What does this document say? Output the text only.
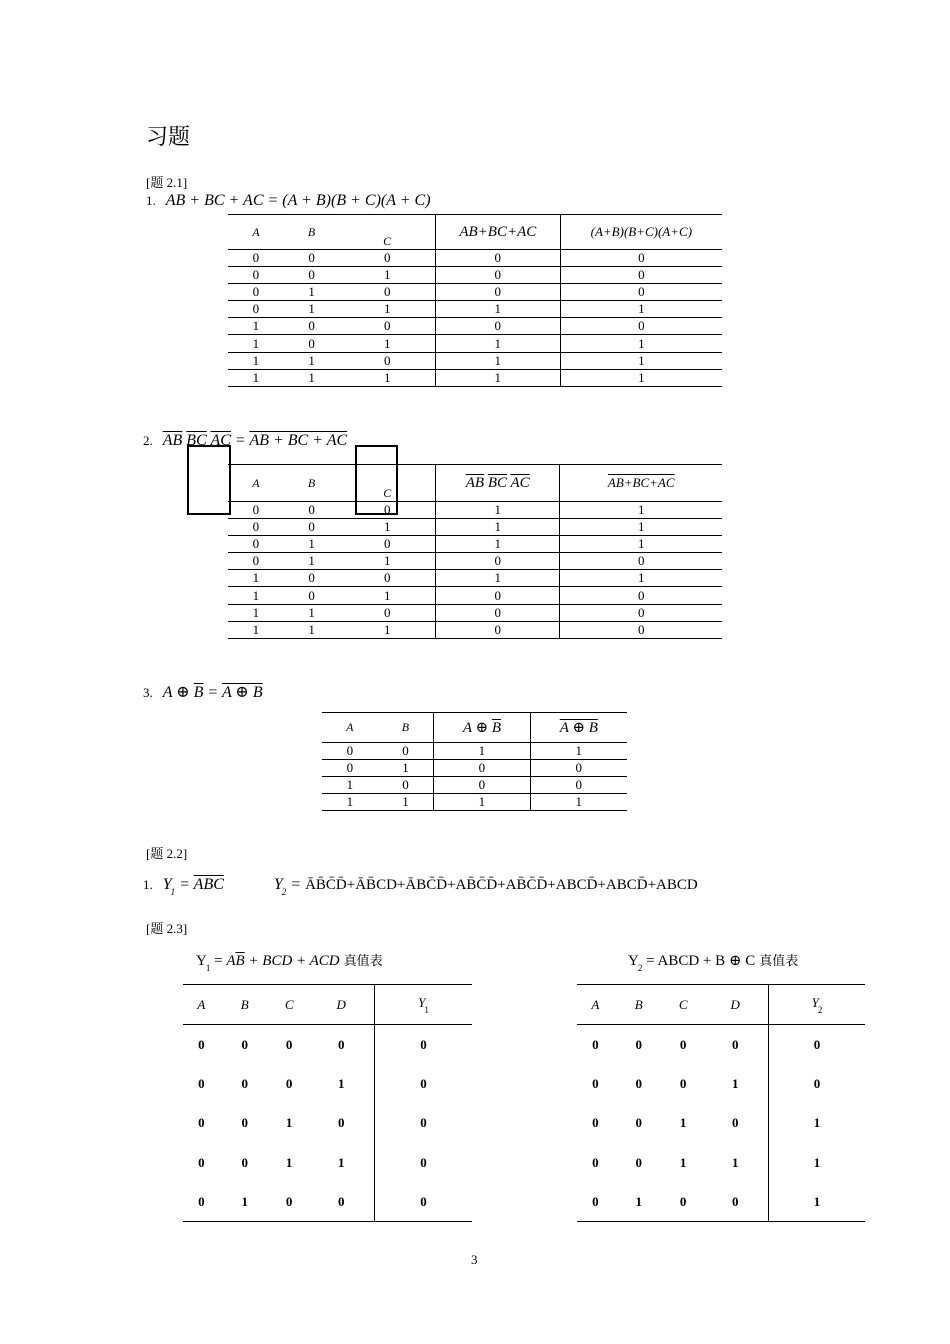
习题
[题 2.1]
1. AB + BC + AC = (A + B)(B + C)(A + C)
A	B	C	AB+BC+AC	(A+B)(B+C)(A+C)
0	0	0	0	0
0	0	1	0	0
0	1	0	0	0
0	1	1	1	1
1	0	0	0	0
1	0	1	1	1
1	1	0	1	1
1	1	1	1	1
2. $\overline{AB}$ $\overline{BC}$ $\overline{AC}$ = AB + BC + AC
A	B	C	$\overline{AB}$ $\overline{BC}$ $\overline{AC}$	AB+BC+AC
0	0	0	1	1
0	0	1	1	1
0	1	0	1	1
0	1	1	0	0
1	0	0	1	1
1	0	1	0	0
1	1	0	0	0
1	1	1	0	0
3. A ⊕ $\overline{B} = A$ ⊕ B
A	B	A ⊕ $\overline{B}$	A ⊕ B
0	0	1	1
0	1	0	0
1	0	0	0
1	1	1	1
[题 2.2]
1. $Y_1 = \overline{ABC}$	$Y_2$ = ĀB̄C̄D̄+ĀB̄CD+ĀBC̄D̄+AB̄C̄D̄+AB̄C̄D̄+ABCD̄+ABCD̄+ABCD
[题 2.3]
$Y_1 = A\overline{B}$ + BCD + ACD 真值表
A	B	C	D	$Y_1$
0	0	0	0	0
0	0	0	1	0
0	0	1	0	0
0	0	1	1	0
0	1	0	0	0
$Y_2$ = ABCD + B ⊕ C 真值表
A	B	C	D	$Y_2$
0	0	0	0	0
0	0	0	1	0
0	0	1	0	1
0	0	1	1	1
0	1	0	0	1
3
